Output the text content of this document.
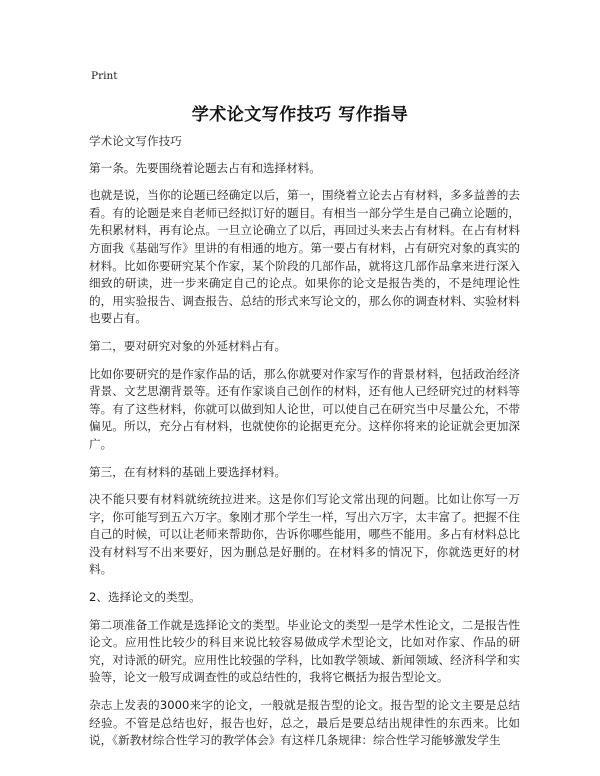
Print
学术论文写作技巧 写作指导

学术论文写作技巧

第一条。先要围绕着论题去占有和选择材料。

也就是说，当你的论题已经确定以后，第一，围绕着立论去占有材料，多多益善的去看。有的论题是来自老师已经拟订好的题目。有相当一部分学生是自己确立论题的，先积累材料，再有论点。一旦立论确立了以后，再回过头来去占有材料。在占有材料方面我《基础写作》里讲的有相通的地方。第一要占有材料，占有研究对象的真实的材料。比如你要研究某个作家，某个阶段的几部作品，就将这几部作品拿来进行深入细致的研读，进一步来确定自己的论点。如果你的论文是报告类的，不是纯理论性的，用实验报告、调查报告、总结的形式来写论文的，那么你的调查材料、实验材料也要占有。

第二，要对研究对象的外延材料占有。

比如你要研究的是作家作品的话，那么你就要对作家写作的背景材料，包括政治经济背景、文艺思潮背景等。还有作家谈自己创作的材料，还有他人已经研究过的材料等等。有了这些材料，你就可以做到知人论世，可以使自己在研究当中尽量公允，不带偏见。所以，充分占有材料，也就使你的论据更充分。这样你将来的论证就会更加深广。

第三，在有材料的基础上要选择材料。

决不能只要有材料就统统拉进来。这是你们写论文常出现的问题。比如让你写一万字，你可能写到五六万字。象刚才那个学生一样，写出六万字，太丰富了。把握不住自己的时候，可以让老师来帮助你，告诉你哪些能用，哪些不能用。多占有材料总比没有材料写不出来要好，因为删总是好删的。在材料多的情况下，你就选更好的材料。

2、选择论文的类型。

第二项准备工作就是选择论文的类型。毕业论文的类型一是学术性论文，二是报告性论文。应用性比较少的科目来说比较容易做成学术型论文，比如对作家、作品的研究，对诗派的研究。应用性比较强的学科，比如教学领域、新闻领域、经济科学和实验等，论文一般写成调查性的或总结性的，我将它概括为报告型论文。

杂志上发表的3000来字的论文，一般就是报告型的论文。报告型的论文主要是总结经验。不管是总结也好，报告也好，总之，最后是要总结出规律性的东西来。比如说，《新教材综合性学习的教学体会》有这样几条规律：综合性学习能够激发学生
